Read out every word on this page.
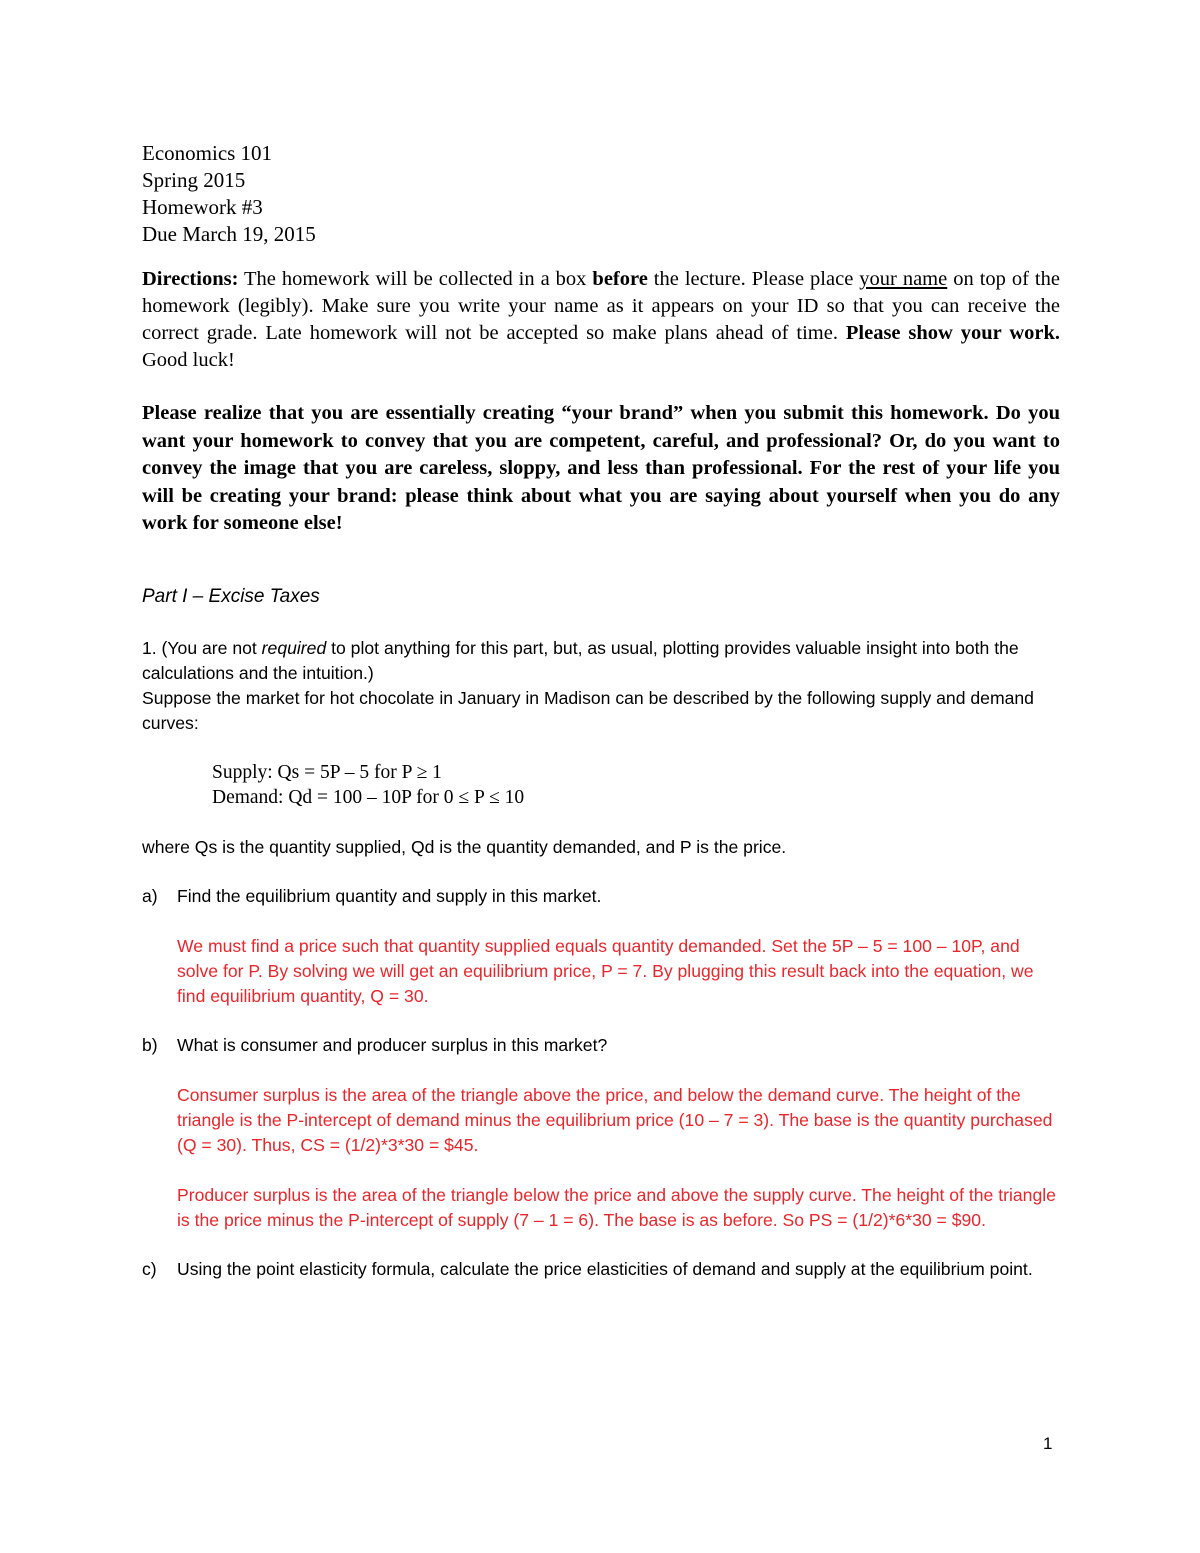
Economics 101

Spring 2015

Homework #3

Due March 19, 2015

Directions: The homework will be collected in a box before the lecture. Please place your name on top of the homework (legibly). Make sure you write your name as it appears on your ID so that you can receive the correct grade. Late homework will not be accepted so make plans ahead of time. Please show your work. Good luck!

Please realize that you are essentially creating “your brand” when you submit this homework. Do you want your homework to convey that you are competent, careful, and professional? Or, do you want to convey the image that you are careless, sloppy, and less than professional. For the rest of your life you will be creating your brand: please think about what you are saying about yourself when you do any work for someone else!

Part I – Excise Taxes

1. (You are not required to plot anything for this part, but, as usual, plotting provides valuable insight into both the calculations and the intuition.)

Suppose the market for hot chocolate in January in Madison can be described by the following supply and demand curves:

Supply: Qs = 5P – 5 for P ≥ 1
Demand: Qd = 100 – 10P for 0 ≤ P ≤ 10

where Qs is the quantity supplied, Qd is the quantity demanded, and P is the price.

a)	Find the equilibrium quantity and supply in this market.

We must find a price such that quantity supplied equals quantity demanded. Set the 5P – 5 = 100 – 10P, and solve for P. By solving we will get an equilibrium price, P = 7. By plugging this result back into the equation, we find equilibrium quantity, Q = 30.

b)	What is consumer and producer surplus in this market?

Consumer surplus is the area of the triangle above the price, and below the demand curve. The height of the triangle is the P-intercept of demand minus the equilibrium price (10 – 7 = 3). The base is the quantity purchased (Q = 30). Thus, CS = (1/2)*3*30 = $45.

Producer surplus is the area of the triangle below the price and above the supply curve. The height of the triangle is the price minus the P-intercept of supply (7 – 1 = 6). The base is as before. So PS = (1/2)*6*30 = $90.

c)	Using the point elasticity formula, calculate the price elasticities of demand and supply at the equilibrium point.
1
